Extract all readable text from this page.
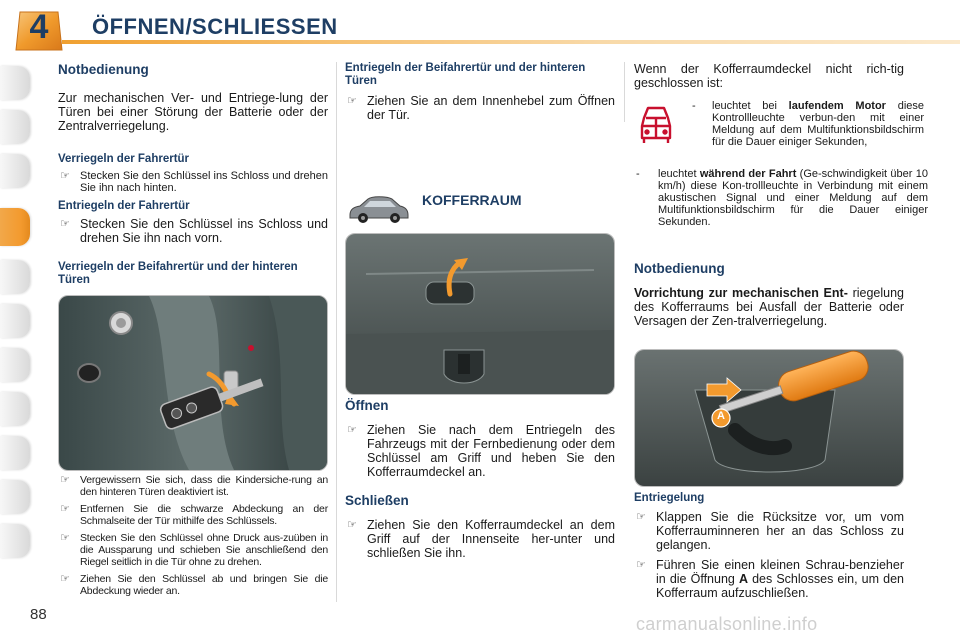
4	ÖFFNEN/SCHLIESSEN
Notbedienung

Zur mechanischen Ver- und Entriege-lung der Türen bei einer Störung der Batterie oder der Zentralverriegelung.

Verriegeln der Fahrertür
☞ Stecken Sie den Schlüssel ins Schloss und drehen Sie ihn nach hinten.
Entriegeln der Fahrertür
☞ Stecken Sie den Schlüssel ins Schloss und drehen Sie ihn nach vorn.
Verriegeln der Beifahrertür und der hinteren Türen
☞ Vergewissern Sie sich, dass die Kindersiche-rung an den hinteren Türen deaktiviert ist.
☞ Entfernen Sie die schwarze Abdeckung an der Schmalseite der Tür mithilfe des Schlüssels.
☞ Stecken Sie den Schlüssel ohne Druck aus-zuüben in die Aussparung und schieben Sie anschließend den Riegel seitlich in die Tür ohne zu drehen.
☞ Ziehen Sie den Schlüssel ab und bringen Sie die Abdeckung wieder an.
Entriegeln der Beifahrertür und der hinteren Türen
☞ Ziehen Sie an dem Innenhebel zum Öffnen der Tür.
KOFFERRAUM
Öffnen
☞ Ziehen Sie nach dem Entriegeln des Fahrzeugs mit der Fernbedienung oder dem Schlüssel am Griff und heben Sie den Kofferraumdeckel an.
Schließen
☞ Ziehen Sie den Kofferraumdeckel an dem Griff auf der Innenseite her-unter und schließen Sie ihn.

Wenn der Kofferraumdeckel nicht rich-tig geschlossen ist:

- leuchtet bei laufendem Motor diese Kontrollleuchte verbun-den mit einer Meldung auf dem Multifunktionsbildschirm für die Dauer einiger Sekunden,
- leuchtet während der Fahrt (Ge-schwindigkeit über 10 km/h) diese Kon-trollleuchte in Verbindung mit einem akustischen Signal und einer Meldung auf dem Multifunktionsbildschirm für die Dauer einiger Sekunden.
Notbedienung

Vorrichtung zur mechanischen Ent- riegelung des Kofferraums bei Ausfall der Batterie oder Versagen der Zen-tralverriegelung.

A
Entriegelung
☞ Klappen Sie die Rücksitze vor, um vom Kofferrauminneren her an das Schloss zu gelangen.
☞ Führen Sie einen kleinen Schrau-benzieher in die Öffnung A des Schlosses ein, um den Kofferraum aufzuschließen.
88	carmanualsonline.info
